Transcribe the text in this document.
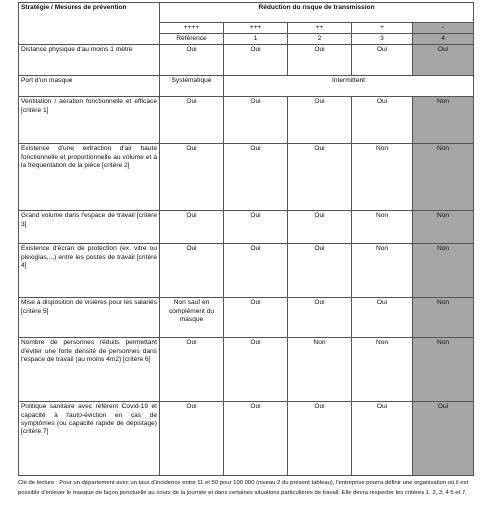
Stratégie / Mesures de prévention	Réduction du risque de transmission				
	++++	+++	++	+	-
	Référence	1	2	3	4
Distance physique d'au moins 1 mètre	Oui	Oui	Oui	Oui	Oui
Port d'un masque	Systématique	Intermittent			
Ventilation / aération fonctionnelle et efficace [critère 1]	Oui	Oui	Oui	Oui	Non
Existence d'une extraction d'air haute fonctionnelle et proportionnelle au volume et à la fréquentation de la pièce [critère 2]	Oui	Oui	Oui	Non	Non
Grand volume dans l'espace de travail [critère 3]	Oui	Oui	Oui	Non	Non
Existence d'écran de protection (ex. vitre ou plexiglas,...) entre les postes de travail [critère 4]	Oui	Oui	Oui	Non	Non
Mise à disposition de visières pour les salariés [critère 5]	Non sauf en complément du masque	Oui	Oui	Oui	Non
Nombre de personnes réduits permettant d'éviter une forte densité de personnes dans l'espace de travail (au moins 4m2) [critère 6]	Oui	Oui	Non	Non	Non
Politique sanitaire avec référent Covid-19 et capacité à l'auto-éviction en cas de symptômes (ou capacité rapide de dépistage) [critère 7]	Oui	Oui	Oui	Oui	Oui
Clé de lecture : Pour un département avec un taux d'incidence entre 11 et 50 pour 100 000 (niveau 2 du présent tableau), l'entreprise pourra définir une organisation où il est possible d'enlever le masque de façon ponctuelle au cours de la journée et dans certaines situations particulières de travail. Elle devra respecter les critères 1, 2, 3, 4 5 et 7.
